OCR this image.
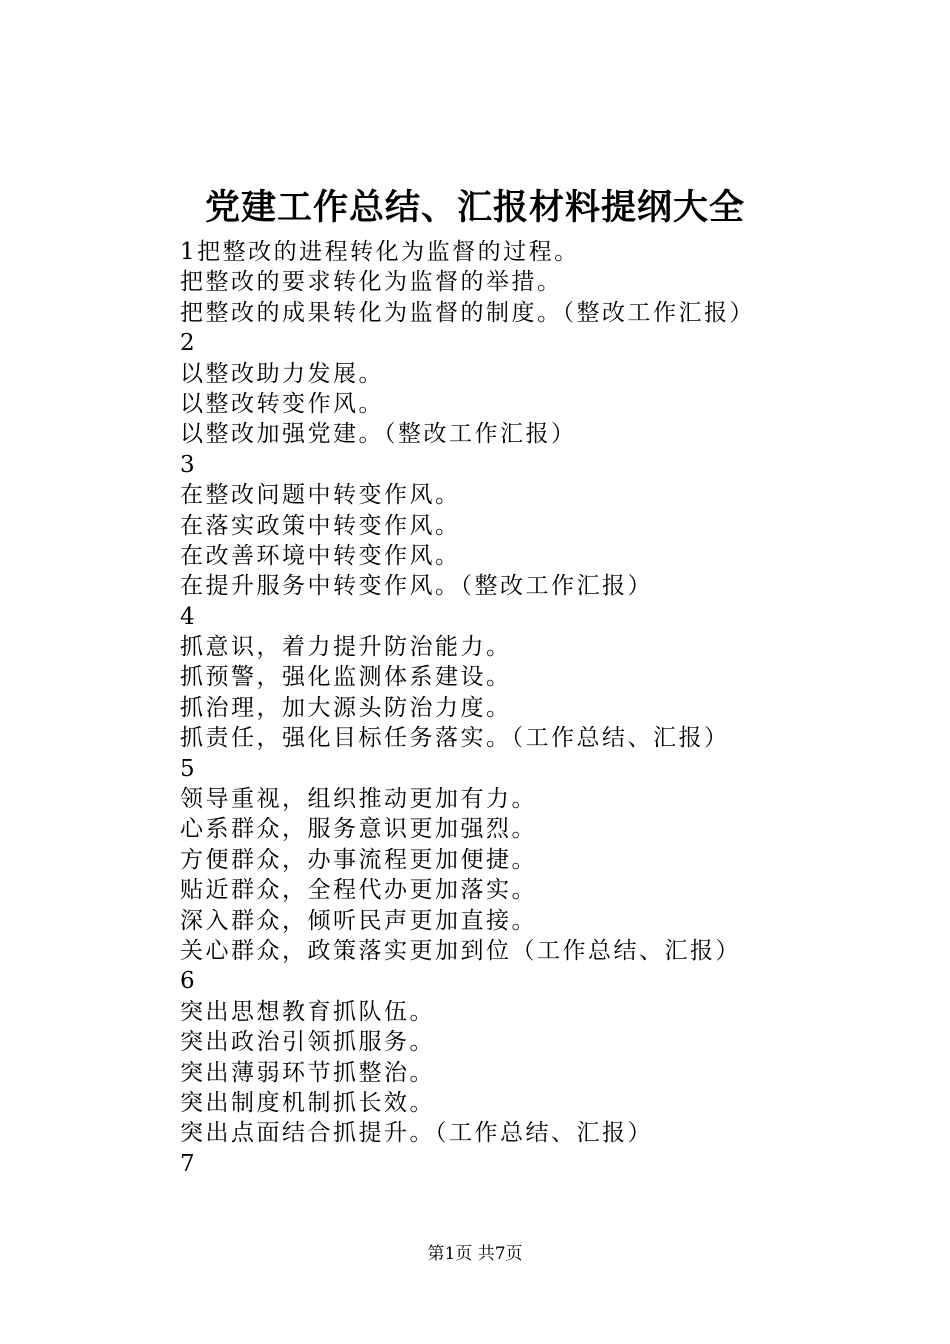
党建工作总结、汇报材料提纲大全
1把整改的进程转化为监督的过程。
把整改的要求转化为监督的举措。
把整改的成果转化为监督的制度。（整改工作汇报）
2
以整改助力发展。
以整改转变作风。
以整改加强党建。（整改工作汇报）
3
在整改问题中转变作风。
在落实政策中转变作风。
在改善环境中转变作风。
在提升服务中转变作风。（整改工作汇报）
4
抓意识，着力提升防治能力。
抓预警，强化监测体系建设。
抓治理，加大源头防治力度。
抓责任，强化目标任务落实。（工作总结、汇报）
5
领导重视，组织推动更加有力。
心系群众，服务意识更加强烈。
方便群众，办事流程更加便捷。
贴近群众，全程代办更加落实。
深入群众，倾听民声更加直接。
关心群众，政策落实更加到位（工作总结、汇报）
6
突出思想教育抓队伍。
突出政治引领抓服务。
突出薄弱环节抓整治。
突出制度机制抓长效。
突出点面结合抓提升。（工作总结、汇报）
7
第1页 共7页
